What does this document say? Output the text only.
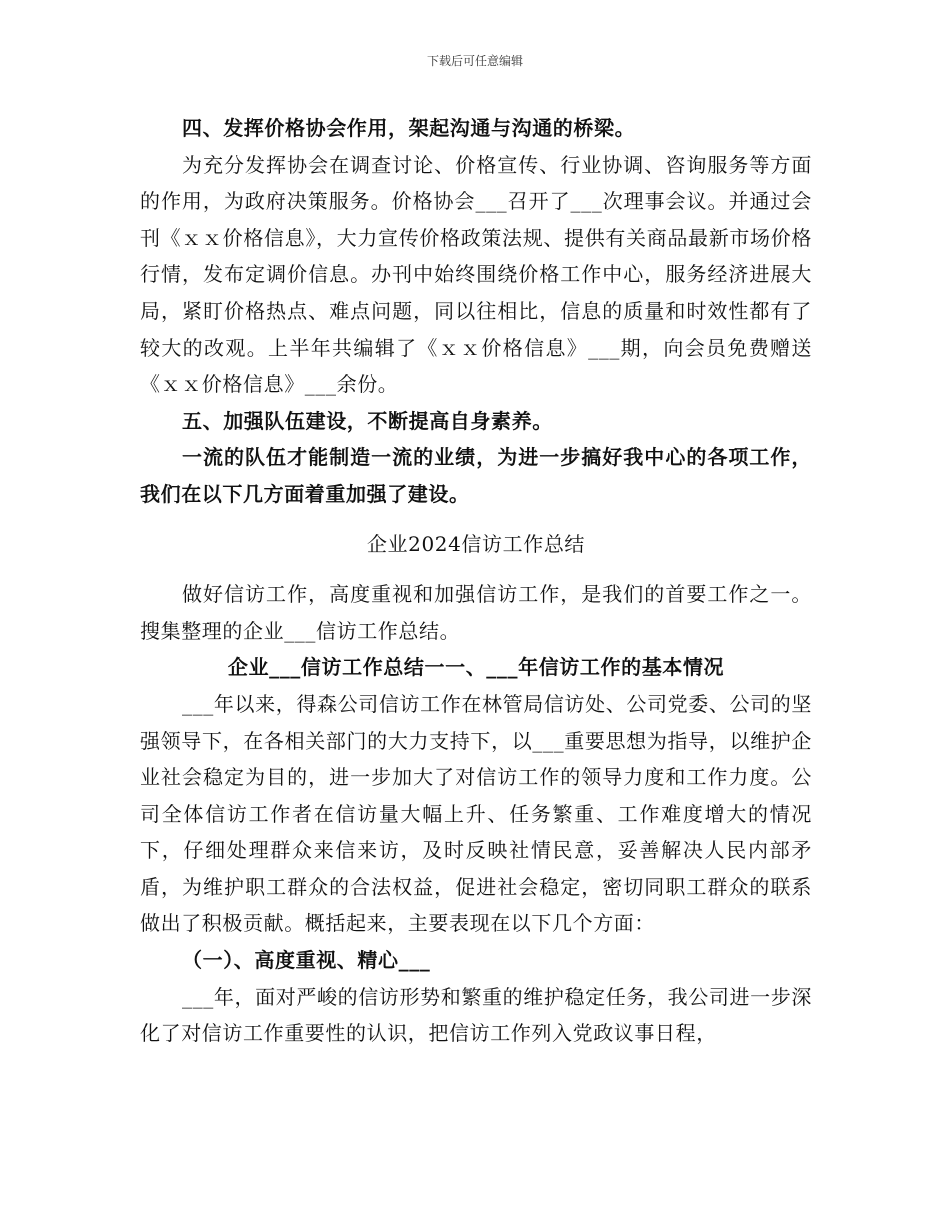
下载后可任意编辑

四、发挥价格协会作用，架起沟通与沟通的桥梁。

为充分发挥协会在调查讨论、价格宣传、行业协调、咨询服务等方面的作用，为政府决策服务。价格协会___召开了___次理事会议。并通过会刊《ｘｘ价格信息》，大力宣传价格政策法规、提供有关商品最新市场价格行情，发布定调价信息。办刊中始终围绕价格工作中心，服务经济进展大局，紧盯价格热点、难点问题，同以往相比，信息的质量和时效性都有了较大的改观。上半年共编辑了《ｘｘ价格信息》___期，向会员免费赠送《ｘｘ价格信息》___余份。

五、加强队伍建设，不断提高自身素养。

一流的队伍才能制造一流的业绩，为进一步搞好我中心的各项工作，我们在以下几方面着重加强了建设。

企业2024信访工作总结

做好信访工作，高度重视和加强信访工作，是我们的首要工作之一。搜集整理的企业___信访工作总结。

企业___信访工作总结一一、___年信访工作的基本情况

___年以来，得森公司信访工作在林管局信访处、公司党委、公司的坚强领导下，在各相关部门的大力支持下，以___重要思想为指导，以维护企业社会稳定为目的，进一步加大了对信访工作的领导力度和工作力度。公司全体信访工作者在信访量大幅上升、任务繁重、工作难度增大的情况下，仔细处理群众来信来访，及时反映社情民意，妥善解决人民内部矛盾，为维护职工群众的合法权益，促进社会稳定，密切同职工群众的联系做出了积极贡献。概括起来，主要表现在以下几个方面：

（一）、高度重视、精心___

___年，面对严峻的信访形势和繁重的维护稳定任务，我公司进一步深化了对信访工作重要性的认识，把信访工作列入党政议事日程，
